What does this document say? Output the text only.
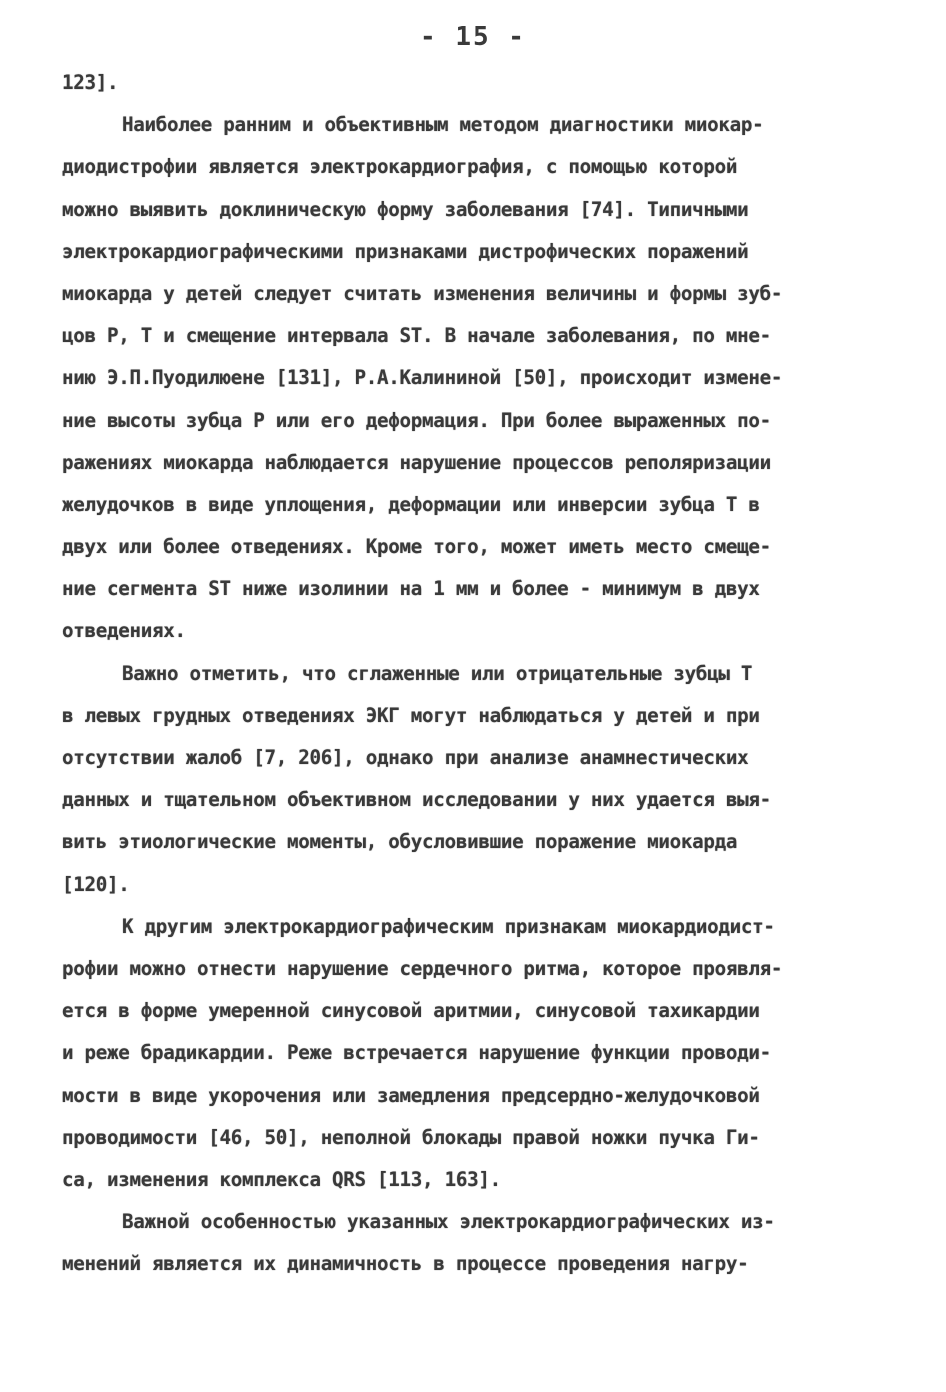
- 15 -
123].
Наиболее ранним и объективным методом диагностики миокар-
диодистрофии является электрокардиография, с помощью которой
можно выявить доклиническую форму заболевания [74]. Типичными
электрокардиографическими признаками дистрофических поражений
миокарда у детей следует считать изменения величины и формы зуб-
цов P, T и смещение интервала ST. В начале заболевания, по мне-
нию Э.П.Пуодилюене [131], Р.А.Калининой [50], происходит измене-
ние высоты зубца P или его деформация. При более выраженных по-
ражениях миокарда наблюдается нарушение процессов реполяризации
желудочков в виде уплощения, деформации или инверсии зубца T в
двух или более отведениях. Кроме того, может иметь место смеще-
ние сегмента ST ниже изолинии на 1 мм и более - минимум в двух
отведениях.
Важно отметить, что сглаженные или отрицательные зубцы T
в левых грудных отведениях ЭКГ могут наблюдаться у детей и при
отсутствии жалоб [7, 206], однако при анализе анамнестических
данных и тщательном объективном исследовании у них удается выя-
вить этиологические моменты, обусловившие поражение миокарда
[120].
К другим электрокардиографическим признакам миокардиодист-
рофии можно отнести нарушение сердечного ритма, которое проявля-
ется в форме умеренной синусовой аритмии, синусовой тахикардии
и реже брадикардии. Реже встречается нарушение функции проводи-
мости в виде укорочения или замедления предсердно-желудочковой
проводимости [46, 50], неполной блокады правой ножки пучка Ги-
са, изменения комплекса QRS [113, 163].
Важной особенностью указанных электрокардиографических из-
менений является их динамичность в процессе проведения нагру-
